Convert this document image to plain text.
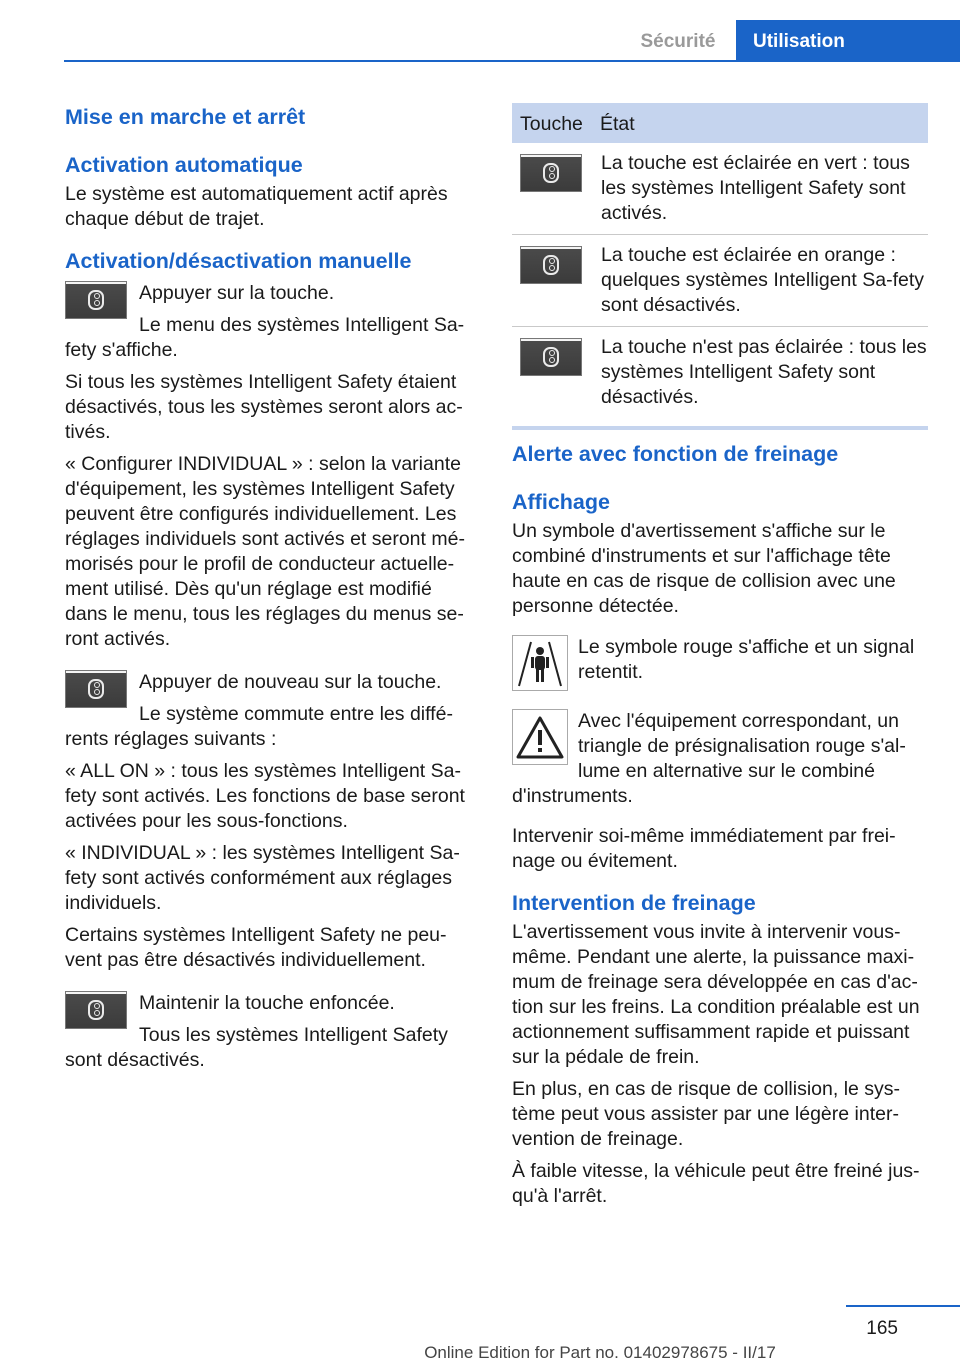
Sécurité	Utilisation
Mise en marche et arrêt
Activation automatique

Le système est automatiquement actif après chaque début de trajet.

Activation/désactivation manuelle

Appuyer sur la touche.

Le menu des systèmes Intelligent Sa-fety s'affiche.

Si tous les systèmes Intelligent Safety étaient désactivés, tous les systèmes seront alors ac-tivés.

« Configurer INDIVIDUAL » : selon la variante d'équipement, les systèmes Intelligent Safety peuvent être configurés individuellement. Les réglages individuels sont activés et seront mé-morisés pour le profil de conducteur actuelle-ment utilisé. Dès qu'un réglage est modifié dans le menu, tous les réglages du menus se-ront activés.

Appuyer de nouveau sur la touche.

Le système commute entre les diffé-rents réglages suivants :

« ALL ON » : tous les systèmes Intelligent Sa-fety sont activés. Les fonctions de base seront activées pour les sous-fonctions.

« INDIVIDUAL » : les systèmes Intelligent Sa-fety sont activés conformément aux réglages individuels.

Certains systèmes Intelligent Safety ne peu-vent pas être désactivés individuellement.

Maintenir la touche enfoncée.

Tous les systèmes Intelligent Safety sont désactivés.

Touche État
La touche est éclairée en vert : tous les systèmes Intelligent Safety sont activés.
La touche est éclairée en orange : quelques systèmes Intelligent Sa-fety sont désactivés.
La touche n'est pas éclairée : tous les systèmes Intelligent Safety sont désactivés.
Alerte avec fonction de freinage
Affichage

Un symbole d'avertissement s'affiche sur le combiné d'instruments et sur l'affichage tête haute en cas de risque de collision avec une personne détectée.

Le symbole rouge s'affiche et un signal retentit.

Avec l'équipement correspondant, un triangle de présignalisation rouge s'al-lume en alternative sur le combiné d'instruments.

Intervenir soi-même immédiatement par frei-nage ou évitement.

Intervention de freinage

L'avertissement vous invite à intervenir vous-même. Pendant une alerte, la puissance maxi-mum de freinage sera développée en cas d'ac-tion sur les freins. La condition préalable est un actionnement suffisamment rapide et puissant sur la pédale de frein.

En plus, en cas de risque de collision, le sys-tème peut vous assister par une légère inter-vention de freinage.

À faible vitesse, la véhicule peut être freiné jus-qu'à l'arrêt.

165
Online Edition for Part no. 01402978675 - II/17
